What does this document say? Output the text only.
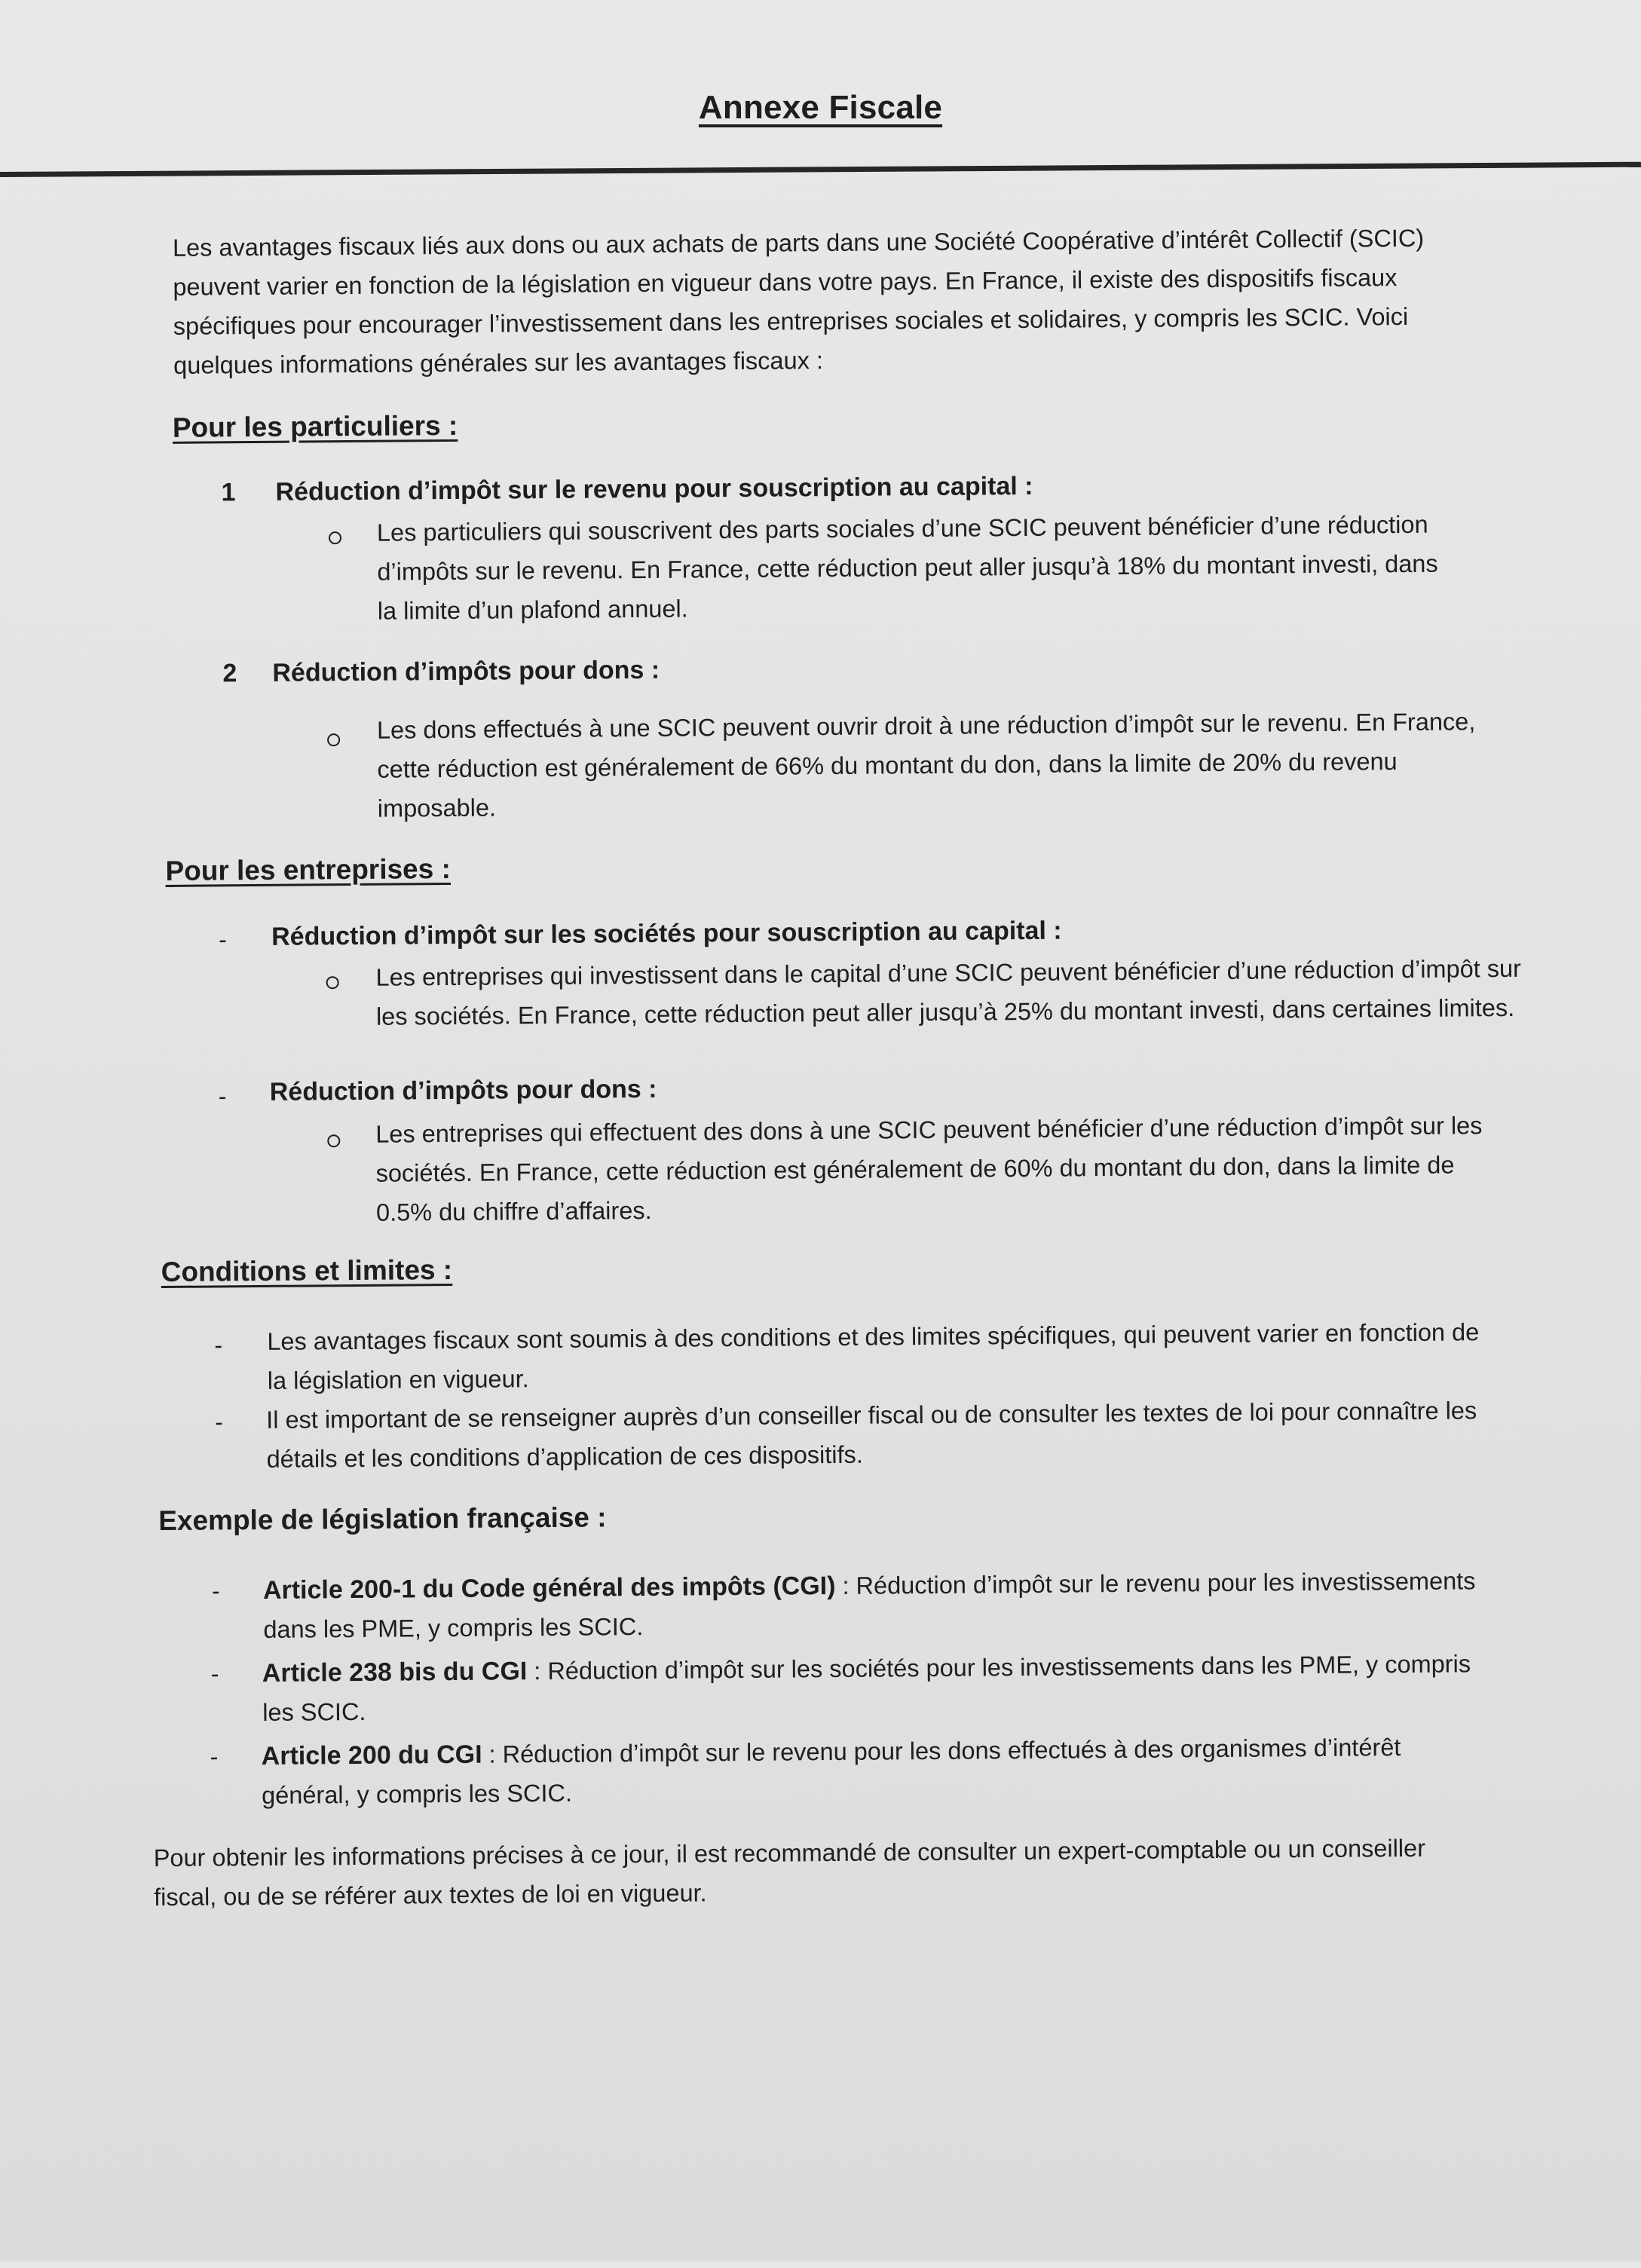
Annexe Fiscale

Les avantages fiscaux liés aux dons ou aux achats de parts dans une Société Coopérative d’intérêt Collectif (SCIC) peuvent varier en fonction de la législation en vigueur dans votre pays. En France, il existe des dispositifs fiscaux spécifiques pour encourager l’investissement dans les entreprises sociales et solidaires, y compris les SCIC. Voici quelques informations générales sur les avantages fiscaux :

Pour les particuliers :
1 Réduction d’impôt sur le revenu pour souscription au capital :

Les particuliers qui souscrivent des parts sociales d’une SCIC peuvent bénéficier d’une réduction d’impôts sur le revenu. En France, cette réduction peut aller jusqu’à 18% du montant investi, dans la limite d’un plafond annuel.

2 Réduction d’impôts pour dons :

Les dons effectués à une SCIC peuvent ouvrir droit à une réduction d’impôt sur le revenu. En France, cette réduction est généralement de 66% du montant du don, dans la limite de 20% du revenu imposable.

Pour les entreprises :
- Réduction d’impôt sur les sociétés pour souscription au capital :

Les entreprises qui investissent dans le capital d’une SCIC peuvent bénéficier d’une réduction d’impôt sur les sociétés. En France, cette réduction peut aller jusqu’à 25% du montant investi, dans certaines limites.

- Réduction d’impôts pour dons :

Les entreprises qui effectuent des dons à une SCIC peuvent bénéficier d’une réduction d’impôt sur les sociétés. En France, cette réduction est généralement de 60% du montant du don, dans la limite de 0.5% du chiffre d’affaires.

Conditions et limites :
- Les avantages fiscaux sont soumis à des conditions et des limites spécifiques, qui peuvent varier en fonction de la législation en vigueur.

- Il est important de se renseigner auprès d’un conseiller fiscal ou de consulter les textes de loi pour connaître les détails et les conditions d’application de ces dispositifs.

Exemple de législation française :
- Article 200-1 du Code général des impôts (CGI) : Réduction d’impôt sur le revenu pour les investissements dans les PME, y compris les SCIC.

- Article 238 bis du CGI : Réduction d’impôt sur les sociétés pour les investissements dans les PME, y compris les SCIC.

- Article 200 du CGI : Réduction d’impôt sur le revenu pour les dons effectués à des organismes d’intérêt général, y compris les SCIC.

Pour obtenir les informations précises à ce jour, il est recommandé de consulter un expert-comptable ou un conseiller fiscal, ou de se référer aux textes de loi en vigueur.
